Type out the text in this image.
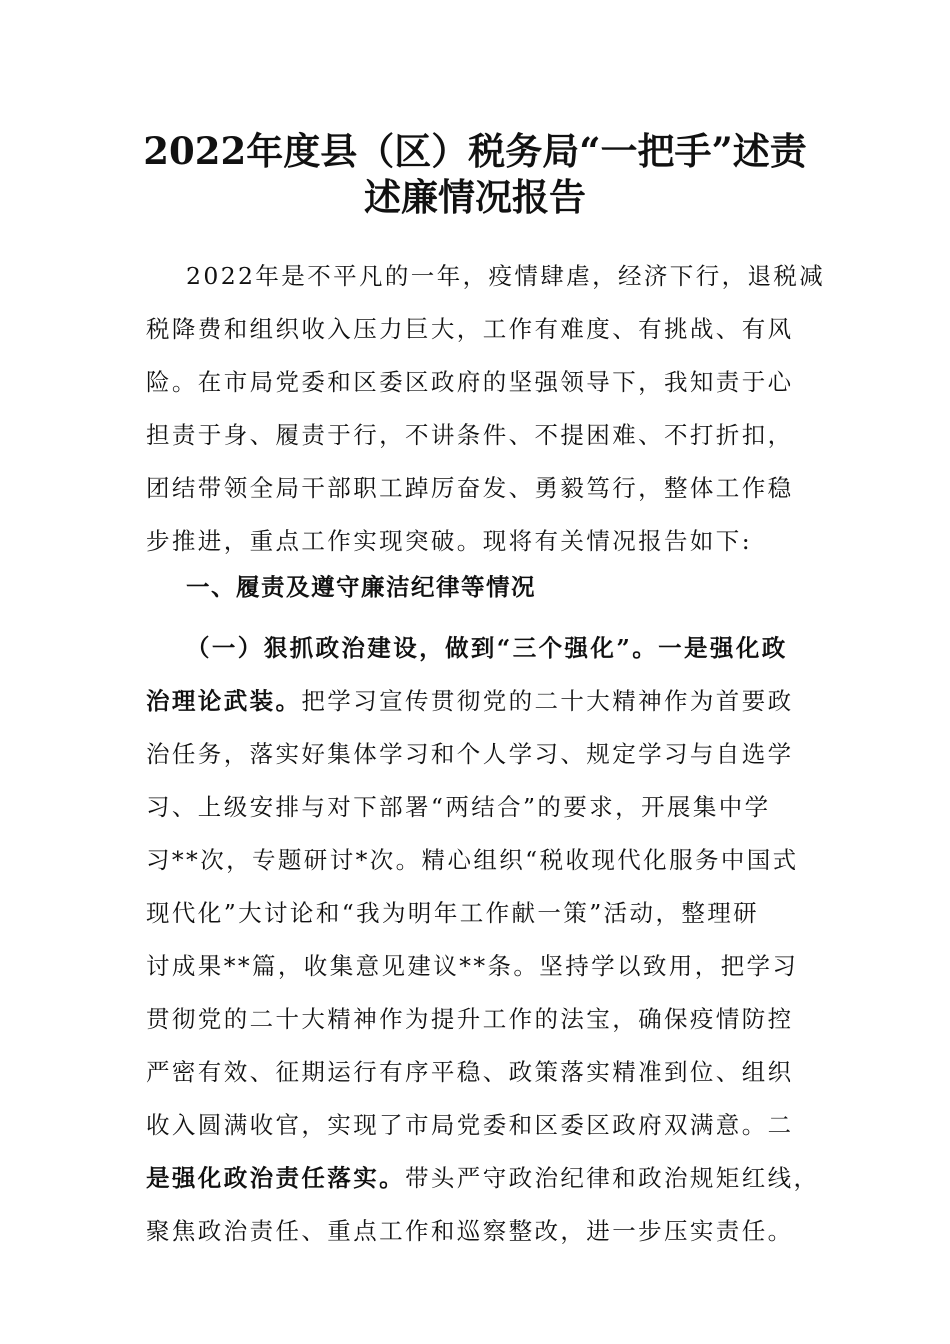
2022年度县（区）税务局“一把手”述责
述廉情况报告
2022年是不平凡的一年，疫情肆虐，经济下行，退税减
税降费和组织收入压力巨大，工作有难度、有挑战、有风
险。在市局党委和区委区政府的坚强领导下，我知责于心
担责于身、履责于行，不讲条件、不提困难、不打折扣，
团结带领全局干部职工踔厉奋发、勇毅笃行，整体工作稳
步推进，重点工作实现突破。现将有关情况报告如下:
一、履责及遵守廉洁纪律等情况
（一）狠抓政治建设，做到“三个强化”。一是强化政
治理论武装。把学习宣传贯彻党的二十大精神作为首要政
治任务，落实好集体学习和个人学习、规定学习与自选学
习、上级安排与对下部署“两结合”的要求，开展集中学
习**次，专题研讨*次。精心组织“税收现代化服务中国式
现代化”大讨论和“我为明年工作献一策”活动，整理研
讨成果**篇，收集意见建议**条。坚持学以致用，把学习
贯彻党的二十大精神作为提升工作的法宝，确保疫情防控
严密有效、征期运行有序平稳、政策落实精准到位、组织
收入圆满收官，实现了市局党委和区委区政府双满意。二
是强化政治责任落实。带头严守政治纪律和政治规矩红线，
聚焦政治责任、重点工作和巡察整改，进一步压实责任。
